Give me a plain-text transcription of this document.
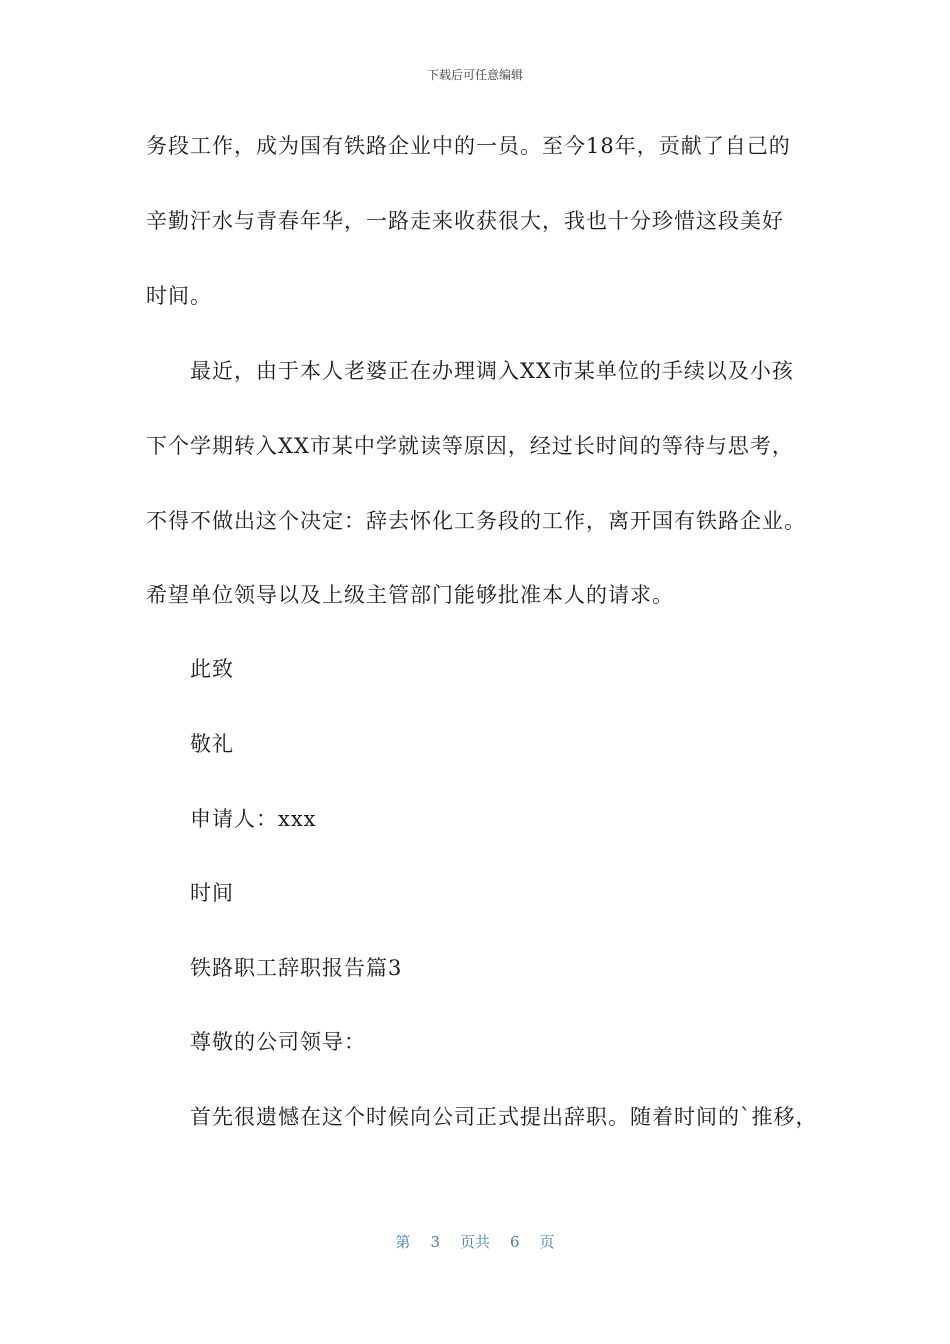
下载后可任意编辑
务段工作，成为国有铁路企业中的一员。至今18年，贡献了自己的
辛勤汗水与青春年华，一路走来收获很大，我也十分珍惜这段美好
时间。
最近，由于本人老婆正在办理调入XX市某单位的手续以及小孩
下个学期转入XX市某中学就读等原因，经过长时间的等待与思考，
不得不做出这个决定：辞去怀化工务段的工作，离开国有铁路企业。
希望单位领导以及上级主管部门能够批准本人的请求。
此致
敬礼
申请人：xxx
时间
铁路职工辞职报告篇3
尊敬的公司领导：
首先很遗憾在这个时候向公司正式提出辞职。随着时间的`推移，
第 3 页共 6 页
